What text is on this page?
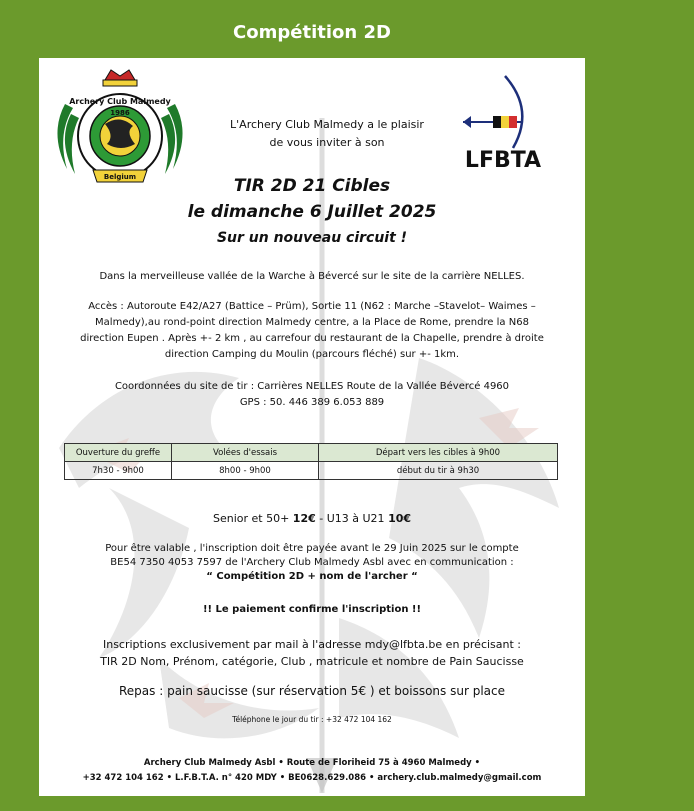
Compétition 2D
Archery Club Malmedy
1986
Belgium
LFBTA
L'Archery Club Malmedy a le plaisir
de vous inviter à son
TIR 2D 21 Cibles
le dimanche 6 Juillet 2025
Sur un nouveau circuit !
Dans la merveilleuse vallée de la Warche à Bévercé sur le site de la carrière NELLES.
Accès : Autoroute E42/A27 (Battice – Prüm), Sortie 11 (N62 : Marche –Stavelot– Waimes –
Malmedy),au rond-point direction Malmedy centre, a la Place de Rome, prendre la N68
direction Eupen . Après +- 2 km , au carrefour du restaurant de la Chapelle, prendre à droite
direction Camping du Moulin (parcours fléché) sur +- 1km.
Coordonnées du site de tir : Carrières NELLES Route de la Vallée Bévercé 4960
GPS : 50. 446 389 6.053 889
Ouverture du greffe	Volées d'essais	Départ vers les cibles à 9h00
7h30 - 9h00	8h00 - 9h00	début du tir à 9h30
Senior et 50+ 12€ - U13 à U21 10€
Pour être valable , l'inscription doit être payée avant le 29 Juin 2025 sur le compte
BE54 7350 4053 7597 de l'Archery Club Malmedy Asbl avec en communication :
“ Compétition 2D + nom de l'archer “
!! Le paiement confirme l'inscription !!
Inscriptions exclusivement par mail à l'adresse mdy@lfbta.be en précisant :
TIR 2D Nom, Prénom, catégorie, Club , matricule et nombre de Pain Saucisse
Repas : pain saucisse (sur réservation 5€ ) et boissons sur place
Téléphone le jour du tir : +32 472 104 162
Archery Club Malmedy Asbl • Route de Floriheid 75 à 4960 Malmedy •
+32 472 104 162 • L.F.B.T.A. n° 420 MDY • BE0628.629.086 • archery.club.malmedy@gmail.com
